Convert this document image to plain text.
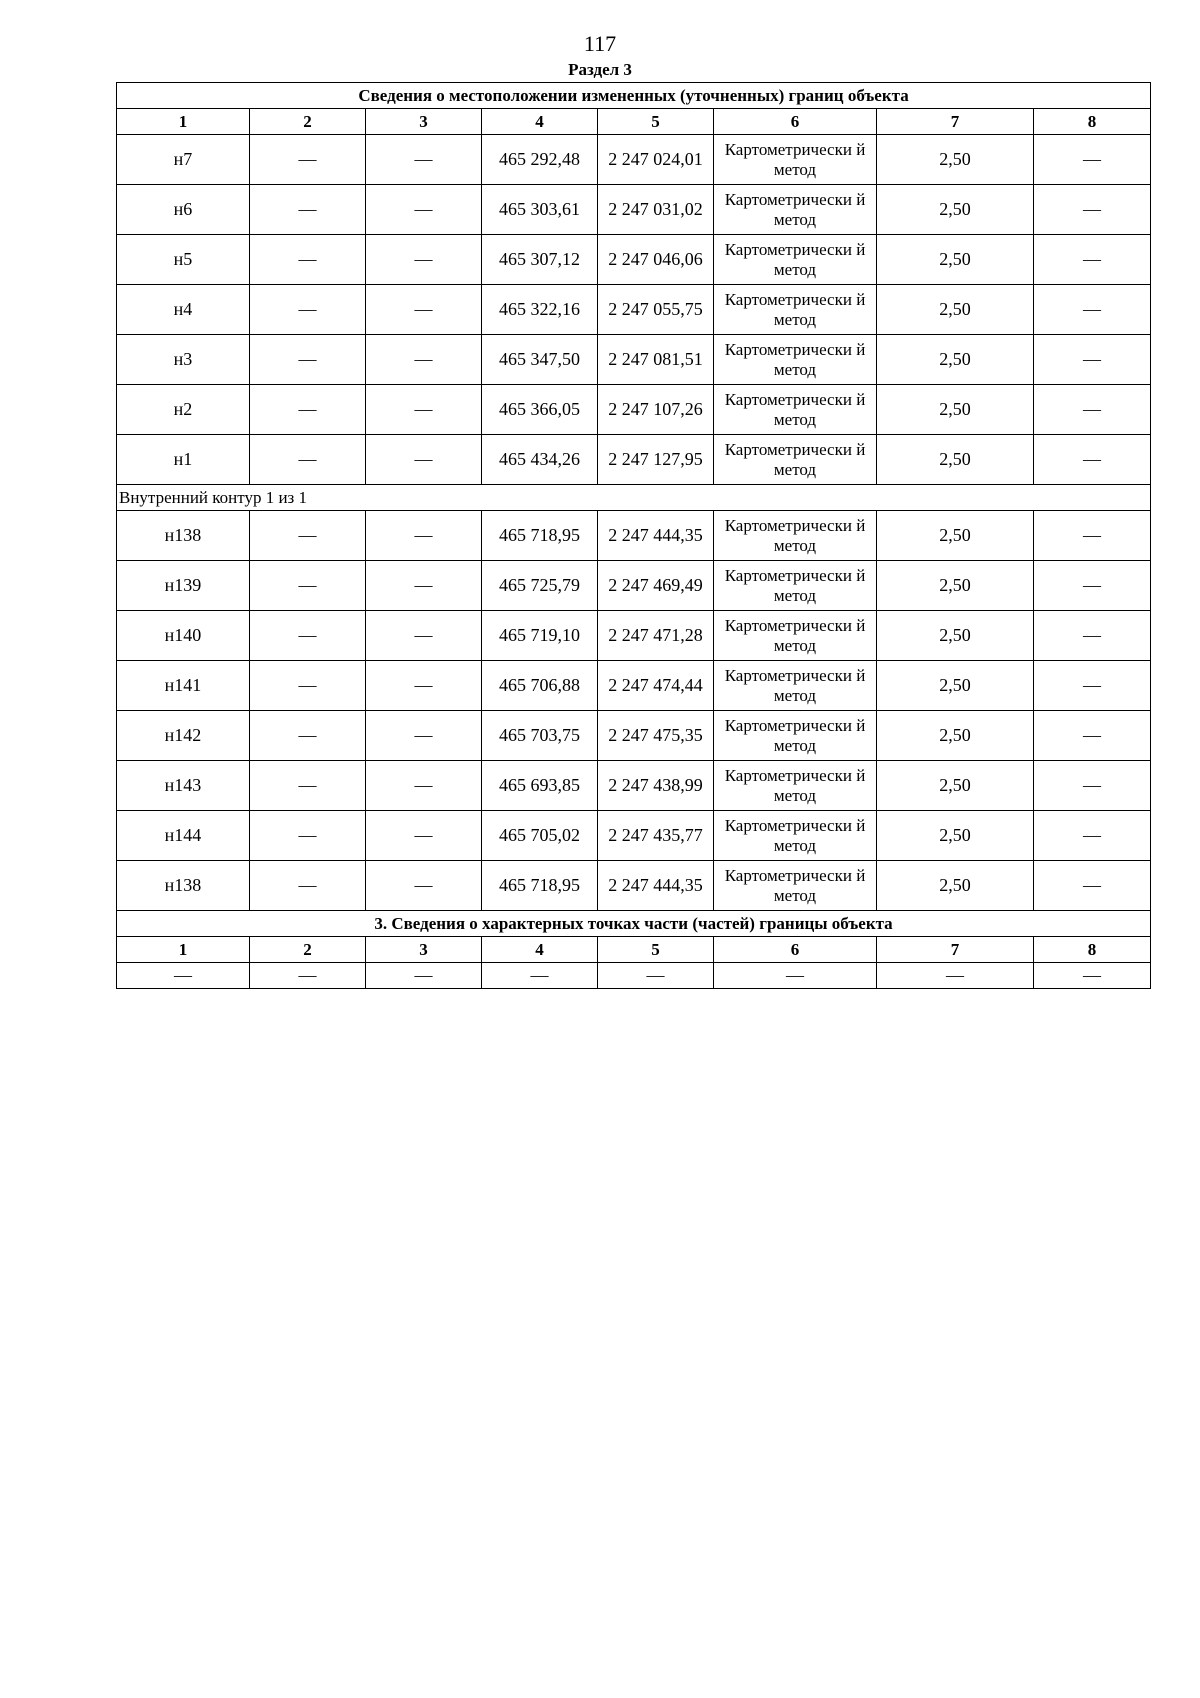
117
Раздел 3
Сведения о местоположении измененных (уточненных) границ объекта							
1	2	3	4	5	6	7	8
н7	—	—	465 292,48	2 247 024,01	Картометрически й метод	2,50	—
н6	—	—	465 303,61	2 247 031,02	Картометрически й метод	2,50	—
н5	—	—	465 307,12	2 247 046,06	Картометрически й метод	2,50	—
н4	—	—	465 322,16	2 247 055,75	Картометрически й метод	2,50	—
н3	—	—	465 347,50	2 247 081,51	Картометрически й метод	2,50	—
н2	—	—	465 366,05	2 247 107,26	Картометрически й метод	2,50	—
н1	—	—	465 434,26	2 247 127,95	Картометрически й метод	2,50	—
Внутренний контур 1 из 1							
н138	—	—	465 718,95	2 247 444,35	Картометрически й метод	2,50	—
н139	—	—	465 725,79	2 247 469,49	Картометрически й метод	2,50	—
н140	—	—	465 719,10	2 247 471,28	Картометрически й метод	2,50	—
н141	—	—	465 706,88	2 247 474,44	Картометрически й метод	2,50	—
н142	—	—	465 703,75	2 247 475,35	Картометрически й метод	2,50	—
н143	—	—	465 693,85	2 247 438,99	Картометрически й метод	2,50	—
н144	—	—	465 705,02	2 247 435,77	Картометрически й метод	2,50	—
н138	—	—	465 718,95	2 247 444,35	Картометрически й метод	2,50	—
3. Сведения о характерных точках части (частей) границы объекта							
1	2	3	4	5	6	7	8
—	—	—	—	—	—	—	—
